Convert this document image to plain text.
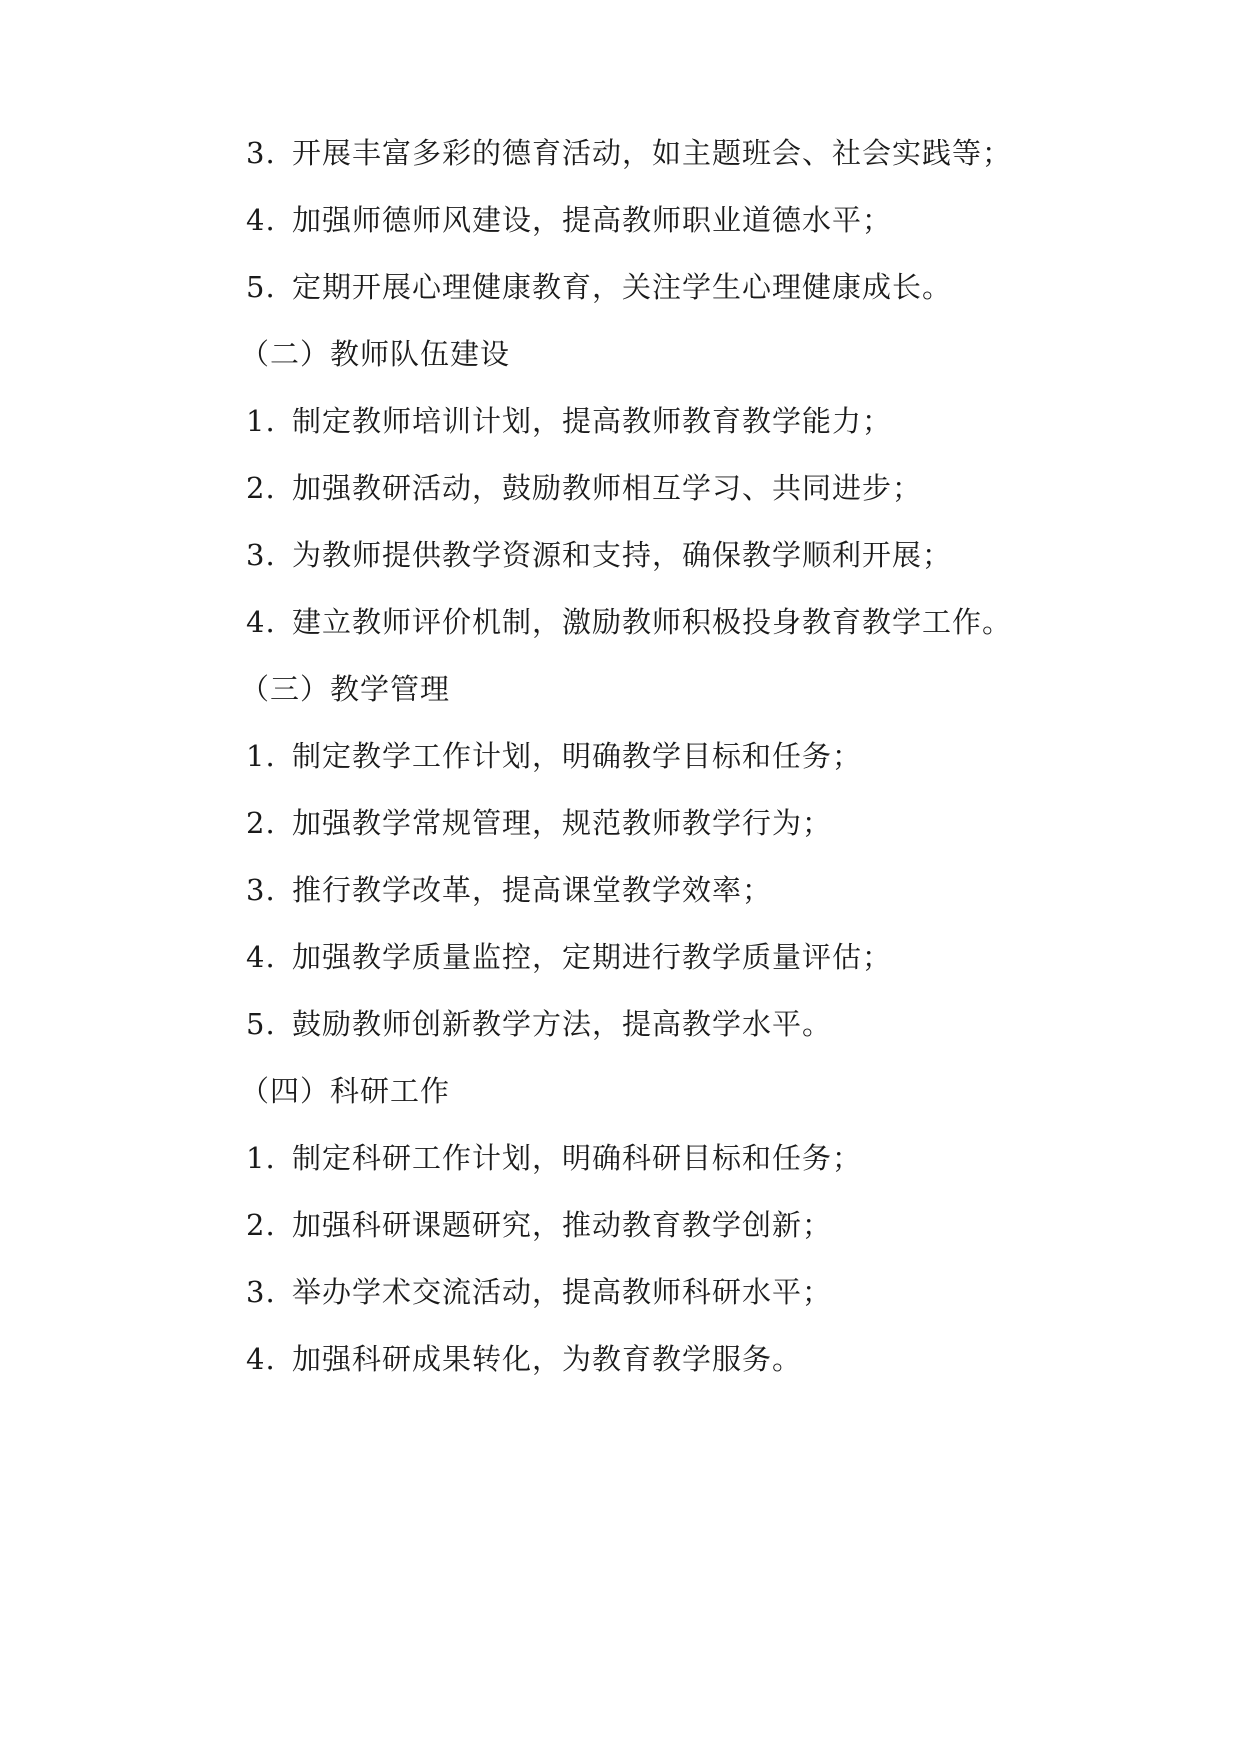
3. 开展丰富多彩的德育活动，如主题班会、社会实践等；
4. 加强师德师风建设，提高教师职业道德水平；
5. 定期开展心理健康教育，关注学生心理健康成长。
（二）教师队伍建设
1. 制定教师培训计划，提高教师教育教学能力；
2. 加强教研活动，鼓励教师相互学习、共同进步；
3. 为教师提供教学资源和支持，确保教学顺利开展；
4. 建立教师评价机制，激励教师积极投身教育教学工作。
（三）教学管理
1. 制定教学工作计划，明确教学目标和任务；
2. 加强教学常规管理，规范教师教学行为；
3. 推行教学改革，提高课堂教学效率；
4. 加强教学质量监控，定期进行教学质量评估；
5. 鼓励教师创新教学方法，提高教学水平。
（四）科研工作
1. 制定科研工作计划，明确科研目标和任务；
2. 加强科研课题研究，推动教育教学创新；
3. 举办学术交流活动，提高教师科研水平；
4. 加强科研成果转化，为教育教学服务。
